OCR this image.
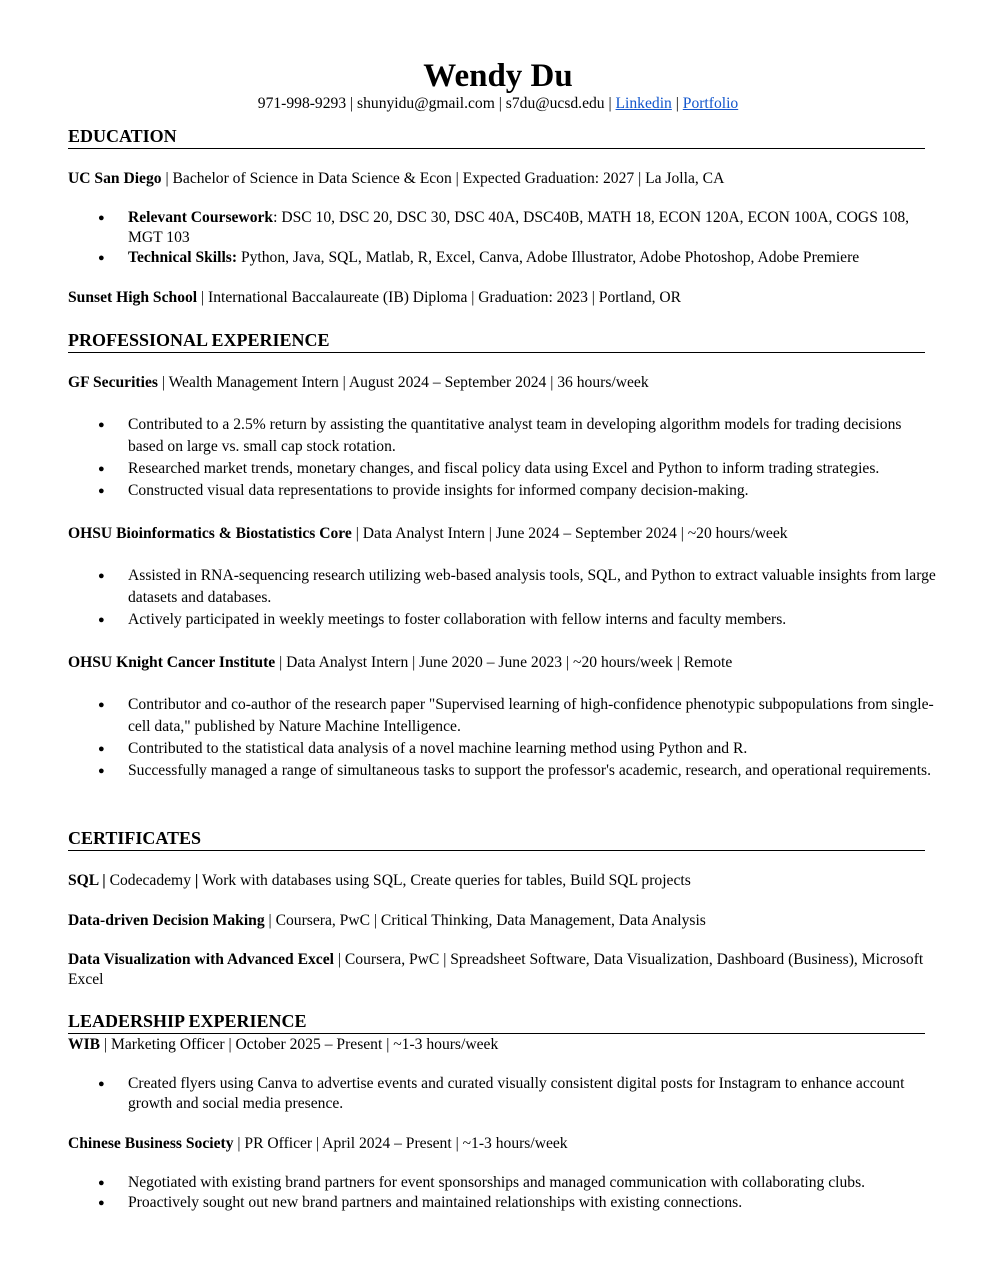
Wendy Du
971-998-9293 | shunyidu@gmail.com | s7du@ucsd.edu | Linkedin | Portfolio
EDUCATION
UC San Diego | Bachelor of Science in Data Science & Econ | Expected Graduation: 2027 | La Jolla, CA
● Relevant Coursework: DSC 10, DSC 20, DSC 30, DSC 40A, DSC40B, MATH 18, ECON 120A, ECON 100A, COGS 108, MGT 103
● Technical Skills: Python, Java, SQL, Matlab, R, Excel, Canva, Adobe Illustrator, Adobe Photoshop, Adobe Premiere
Sunset High School | International Baccalaureate (IB) Diploma | Graduation: 2023 | Portland, OR
PROFESSIONAL EXPERIENCE
GF Securities | Wealth Management Intern | August 2024 – September 2024 | 36 hours/week
● Contributed to a 2.5% return by assisting the quantitative analyst team in developing algorithm models for trading decisions based on large vs. small cap stock rotation.
● Researched market trends, monetary changes, and fiscal policy data using Excel and Python to inform trading strategies.
● Constructed visual data representations to provide insights for informed company decision-making.
OHSU Bioinformatics & Biostatistics Core | Data Analyst Intern | June 2024 – September 2024 | ~20 hours/week
● Assisted in RNA-sequencing research utilizing web-based analysis tools, SQL, and Python to extract valuable insights from large datasets and databases.
● Actively participated in weekly meetings to foster collaboration with fellow interns and faculty members.
OHSU Knight Cancer Institute | Data Analyst Intern | June 2020 – June 2023 | ~20 hours/week | Remote
● Contributor and co-author of the research paper "Supervised learning of high-confidence phenotypic subpopulations from single-cell data," published by Nature Machine Intelligence.
● Contributed to the statistical data analysis of a novel machine learning method using Python and R.
● Successfully managed a range of simultaneous tasks to support the professor's academic, research, and operational requirements.
CERTIFICATES
SQL | Codecademy | Work with databases using SQL, Create queries for tables, Build SQL projects
Data-driven Decision Making | Coursera, PwC | Critical Thinking, Data Management, Data Analysis
Data Visualization with Advanced Excel | Coursera, PwC | Spreadsheet Software, Data Visualization, Dashboard (Business), Microsoft Excel
LEADERSHIP EXPERIENCE
WIB | Marketing Officer | October 2025 – Present | ~1-3 hours/week
● Created flyers using Canva to advertise events and curated visually consistent digital posts for Instagram to enhance account growth and social media presence.
Chinese Business Society | PR Officer | April 2024 – Present | ~1-3 hours/week
● Negotiated with existing brand partners for event sponsorships and managed communication with collaborating clubs.
● Proactively sought out new brand partners and maintained relationships with existing connections.
